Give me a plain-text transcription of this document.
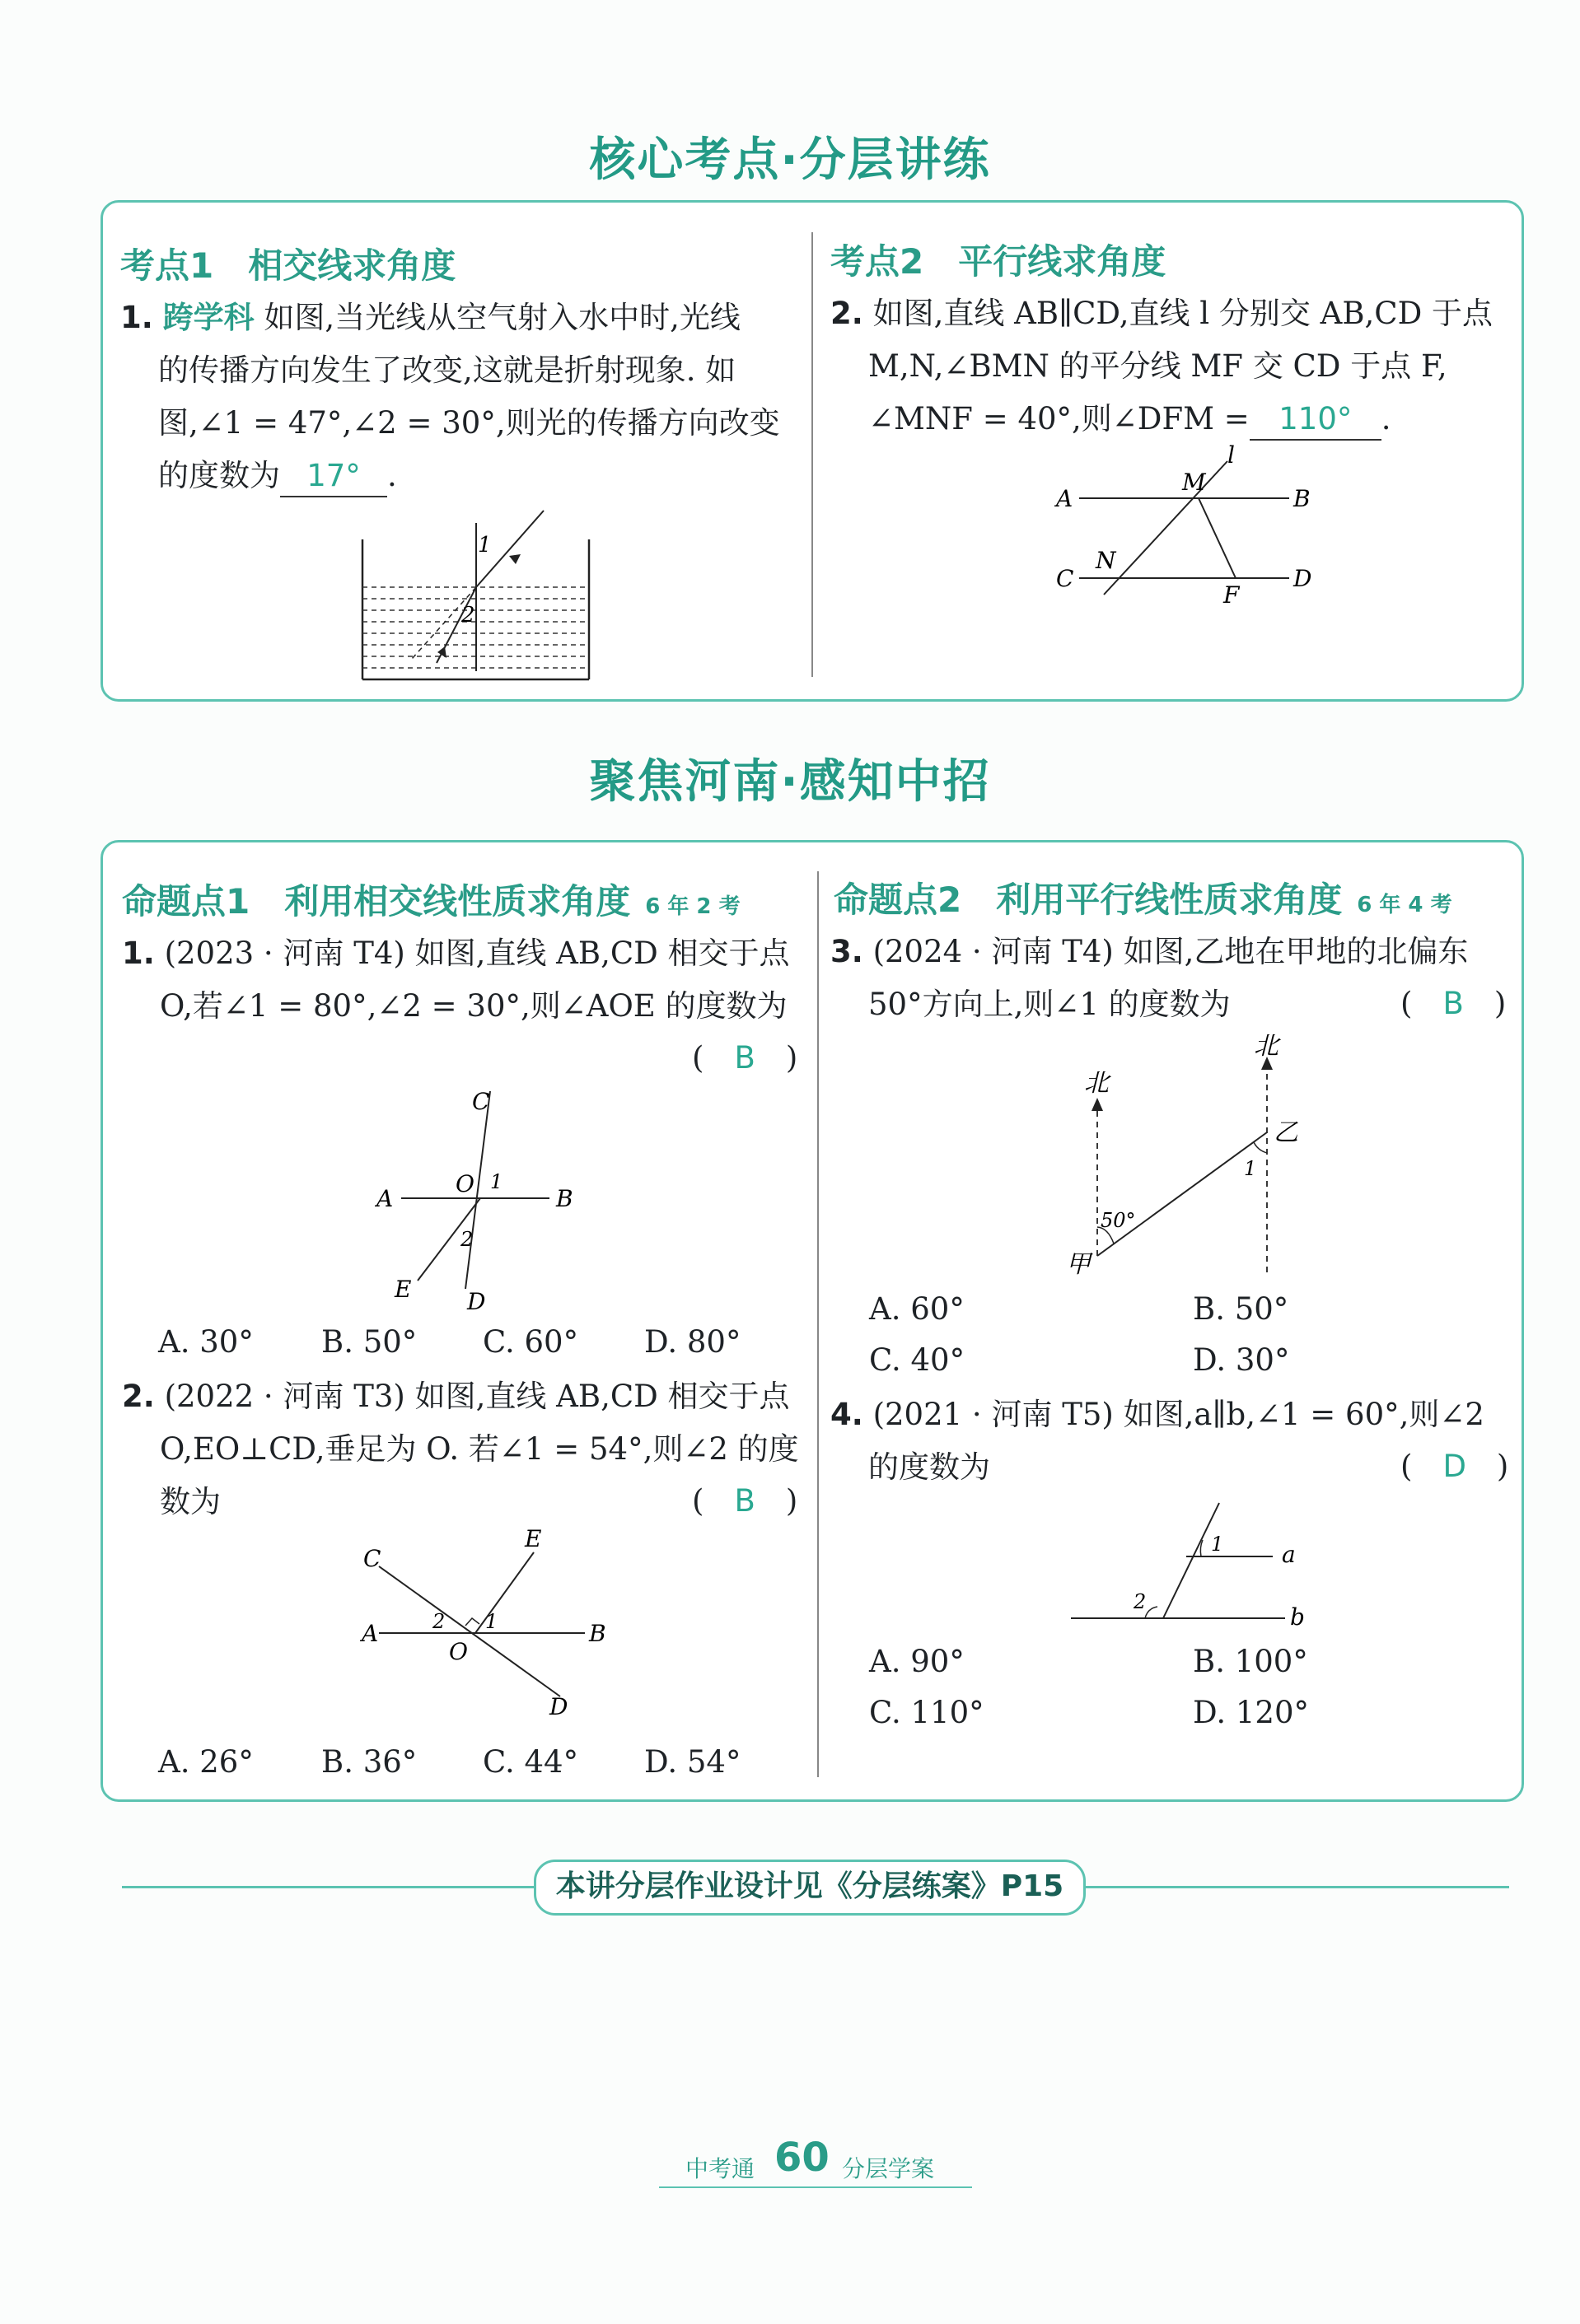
核心考点·分层讲练
考点1　相交线求角度
1. 跨学科 如图,当光线从空气射入水中时,光线
的传播方向发生了改变,这就是折射现象. 如
图,∠1 = 47°,∠2 = 30°,则光的传播方向改变
的度数为 17° .
1
2
考点2　平行线求角度
2. 如图,直线 AB∥CD,直线 l 分别交 AB,CD 于点
M,N,∠BMN 的平分线 MF 交 CD 于点 F,
∠MNF = 40°,则∠DFM = 110° .
A	B
C	D
M
N
F
l
聚焦河南·感知中招
命题点1　利用相交线性质求角度 6 年 2 考
1. (2023 · 河南 T4) 如图,直线 AB,CD 相交于点
O,若∠1 = 80°,∠2 = 30°,则∠AOE 的度数为
(　B　)
A	B
C
D
E
O 1
2
A. 30° B. 50° C. 60° D. 80°
2. (2022 · 河南 T3) 如图,直线 AB,CD 相交于点
O,EO⊥CD,垂足为 O. 若∠1 = 54°,则∠2 的度
数为	(　B　)
A	B
C
D
E
O
1
2
A. 26° B. 36° C. 44° D. 54°
命题点2　利用平行线性质求角度 6 年 4 考
3. (2024 · 河南 T4) 如图,乙地在甲地的北偏东
50°方向上,则∠1 的度数为	(　B　)
北
北
甲
乙
50°
1
A. 60°	B. 50°
C. 40°	D. 30°
4. (2021 · 河南 T5) 如图,a∥b,∠1 = 60°,则∠2
的度数为	(　D　)
1
2
a
b
A. 90°	B. 100°
C. 110°	D. 120°
本讲分层作业设计见《分层练案》P15
中考通 60 分层学案
